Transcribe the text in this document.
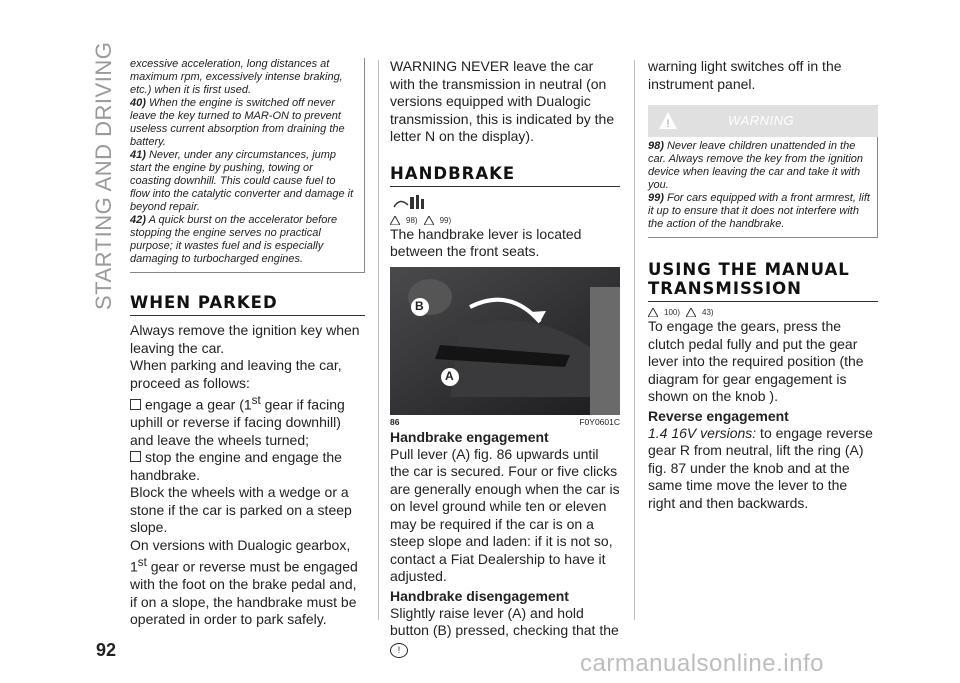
STARTING AND DRIVING	excessive acceleration, long distances at maximum rpm, excessively intense braking, etc.) when it is first used.

40) When the engine is switched off never leave the key turned to MAR-ON to prevent useless current absorption from draining the battery.

41) Never, under any circumstances, jump start the engine by pushing, towing or coasting downhill. This could cause fuel to flow into the catalytic converter and damage it beyond repair.

42) A quick burst on the accelerator before stopping the engine serves no practical purpose; it wastes fuel and is especially damaging to turbocharged engines.

WHEN PARKED

Always remove the ignition key when leaving the car.

When parking and leaving the car, proceed as follows:

engage a gear (1st gear if facing uphill or reverse if facing downhill) and leave the wheels turned;

stop the engine and engage the handbrake.

Block the wheels with a wedge or a stone if the car is parked on a steep slope.

On versions with Dualogic gearbox, 1st gear or reverse must be engaged with the foot on the brake pedal and, if on a slope, the handbrake must be operated in order to park safely.

WARNING NEVER leave the car with the transmission in neutral (on versions equipped with Dualogic transmission, this is indicated by the letter N on the display).

HANDBRAKE
98)	99)

The handbrake lever is located between the front seats.

B
A
86	F0Y0601C
Handbrake engagement

Pull lever (A) fig. 86 upwards until the car is secured. Four or five clicks are generally enough when the car is on level ground while ten or eleven may be required if the car is on a steep slope and laden: if it is not so, contact a Fiat Dealership to have it adjusted.

Handbrake disengagement

Slightly raise lever (A) and hold button (B) pressed, checking that the !

warning light switches off in the instrument panel.

!	WARNING

98) Never leave children unattended in the car. Always remove the key from the ignition device when leaving the car and take it with you.

99) For cars equipped with a front armrest, lift it up to ensure that it does not interfere with the action of the handbrake.

USING THE MANUAL
TRANSMISSION
100)	43)

To engage the gears, press the clutch pedal fully and put the gear lever into the required position (the diagram for gear engagement is shown on the knob ).

Reverse engagement

1.4 16V versions: to engage reverse gear R from neutral, lift the ring (A) fig. 87 under the knob and at the same time move the lever to the right and then backwards.

92	carmanualsonline.info
